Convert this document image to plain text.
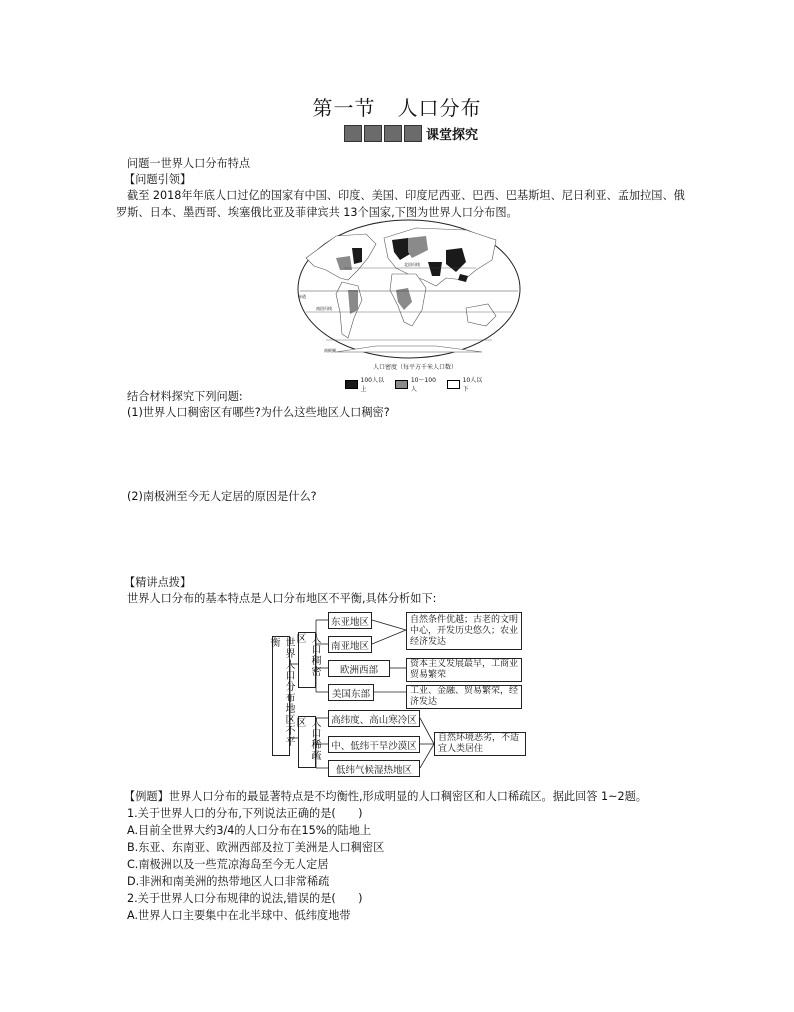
第一节 人口分布
课堂探究
问题一世界人口分布特点
【问题引领】
截至 2018年年底人口过亿的国家有中国、印度、美国、印度尼西亚、巴西、巴基斯坦、尼日利亚、孟加拉国、俄
罗斯、日本、墨西哥、埃塞俄比亚及菲律宾共 13个国家,下图为世界人口分布图。
北回归线
赤道
南回归线
南极圈
人口密度（每平方千米人口数）
100人以上
10～100人
10人以下
结合材料探究下列问题:
(1)世界人口稠密区有哪些?为什么这些地区人口稠密?
(2)南极洲至今无人定居的原因是什么?
【精讲点拨】
世界人口分布的基本特点是人口分布地区不平衡,具体分析如下:
世界人口分布地区不平衡	人口稠密区
人口稀疏区
东亚地区
南亚地区
欧洲西部
美国东部
自然条件优越；古老的文明中心，开发历史悠久；农业经济发达
资本主义发展最早，工商业贸易繁荣
工业、金融、贸易繁荣，经济发达
高纬度、高山寒冷区
中、低纬干旱沙漠区
低纬气候湿热地区
自然环境恶劣，不适宜人类居住
【例题】世界人口分布的最显著特点是不均衡性,形成明显的人口稠密区和人口稀疏区。据此回答 1~2题。
1.关于世界人口的分布,下列说法正确的是(　　)
A.目前全世界大约3/4的人口分布在15%的陆地上
B.东亚、东南亚、欧洲西部及拉丁美洲是人口稠密区
C.南极洲以及一些荒凉海岛至今无人定居
D.非洲和南美洲的热带地区人口非常稀疏
2.关于世界人口分布规律的说法,错误的是(　　)
A.世界人口主要集中在北半球中、低纬度地带
